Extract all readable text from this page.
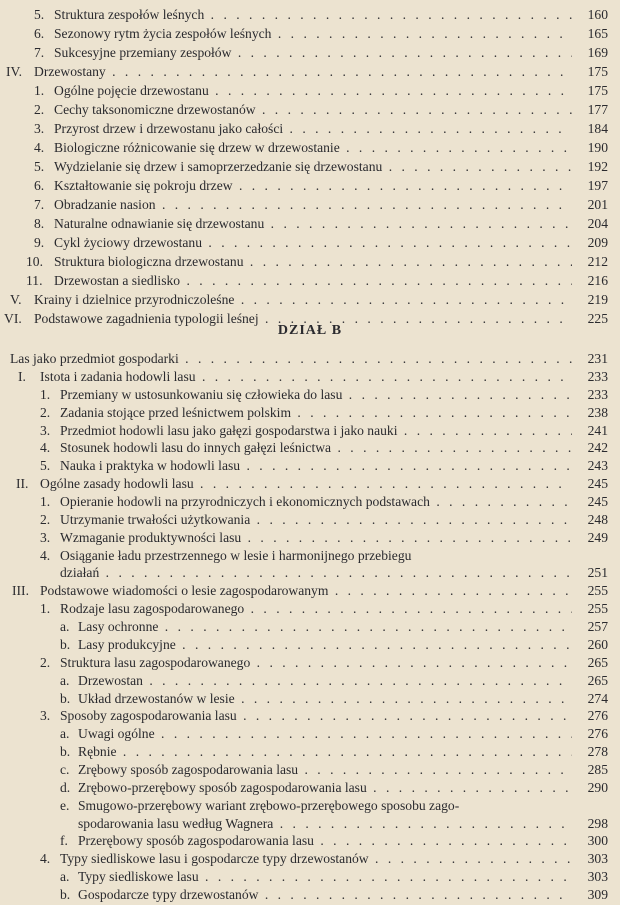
5. Struktura zespołów leśnych . . .	160
6. Sezonowy rytm życia zespołów leśnych . . .	165
7. Sukcesyjne przemiany zespołów . . .	169
IV. Drzewostany . . .	175
1. Ogólne pojęcie drzewostanu . . .	175
2. Cechy taksonomiczne drzewostanów . . .	177
3. Przyrost drzew i drzewostanu jako całości . . .	184
4. Biologiczne różnicowanie się drzew w drzewostanie . . .	190
5. Wydzielanie się drzew i samoprzerzedzanie się drzewostanu . . .	192
6. Kształtowanie się pokroju drzew . . .	197
7. Obradzanie nasion . . .	201
8. Naturalne odnawianie się drzewostanu . . .	204
9. Cykl życiowy drzewostanu . . .	209
10. Struktura biologiczna drzewostanu . . .	212
11. Drzewostan a siedlisko . . .	216
V. Krainy i dzielnice przyrodniczoleśne . . .	219
VI. Podstawowe zagadnienia typologii leśnej . . .	225
DZIAŁ B
Las jako przedmiot gospodarki . . .	231
I. Istota i zadania hodowli lasu . . .	233
1. Przemiany w ustosunkowaniu się człowieka do lasu . . .	233
2. Zadania stojące przed leśnictwem polskim . . .	238
3. Przedmiot hodowli lasu jako gałęzi gospodarstwa i jako nauki . . .	241
4. Stosunek hodowli lasu do innych gałęzi leśnictwa . . .	242
5. Nauka i praktyka w hodowli lasu . . .	243
II. Ogólne zasady hodowli lasu . . .	245
1. Opieranie hodowli na przyrodniczych i ekonomicznych podstawach . . .	245
2. Utrzymanie trwałości użytkowania . . .	248
3. Wzmaganie produktywności lasu . . .	249
4. Osiąganie ładu przestrzennego w lesie i harmonijnego przebiegu
działań . . .	251
III. Podstawowe wiadomości o lesie zagospodarowanym . . .	255
1. Rodzaje lasu zagospodarowanego . . .	255
a. Lasy ochronne . . .	257
b. Lasy produkcyjne . . .	260
2. Struktura lasu zagospodarowanego . . .	265
a. Drzewostan . . .	265
b. Układ drzewostanów w lesie . . .	274
3. Sposoby zagospodarowania lasu . . .	276
a. Uwagi ogólne . . .	276
b. Rębnie . . .	278
c. Zrębowy sposób zagospodarowania lasu . . .	285
d. Zrębowo-przerębowy sposób zagospodarowania lasu . . .	290
e. Smugowo-przerębowy wariant zrębowo-przerębowego sposobu zago-
spodarowania lasu według Wagnera . . .	298
f. Przerębowy sposób zagospodarowania lasu . . .	300
4. Typy siedliskowe lasu i gospodarcze typy drzewostanów . . .	303
a. Typy siedliskowe lasu . . .	303
b. Gospodarcze typy drzewostanów . . .	309
